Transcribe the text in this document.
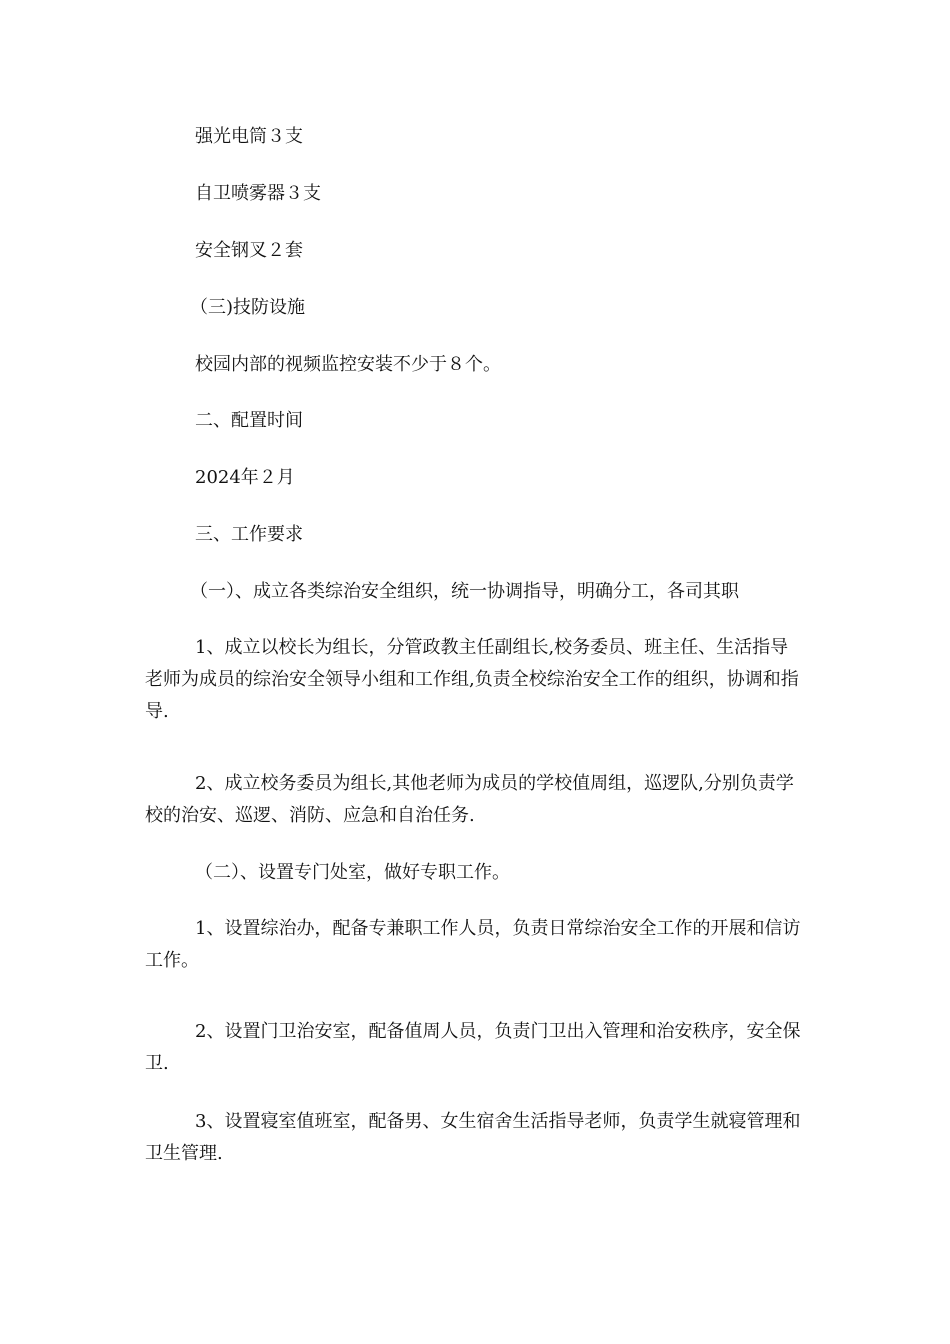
强光电筒３支

自卫喷雾器３支

安全钢叉２套

（三)技防设施

校园内部的视频监控安装不少于８个。

二、配置时间

2024年２月

三、工作要求

（一）、成立各类综治安全组织，统一协调指导，明确分工，各司其职

1、成立以校长为组长，分管政教主任副组长,校务委员、班主任、生活指导老师为成员的综治安全领导小组和工作组,负责全校综治安全工作的组织，协调和指导.

2、成立校务委员为组长,其他老师为成员的学校值周组，巡逻队,分别负责学校的治安、巡逻、消防、应急和自治任务.

（二）、设置专门处室，做好专职工作。

1、设置综治办，配备专兼职工作人员，负责日常综治安全工作的开展和信访工作。

2、设置门卫治安室，配备值周人员，负责门卫出入管理和治安秩序，安全保卫.

3、设置寝室值班室，配备男、女生宿舍生活指导老师，负责学生就寝管理和卫生管理.
